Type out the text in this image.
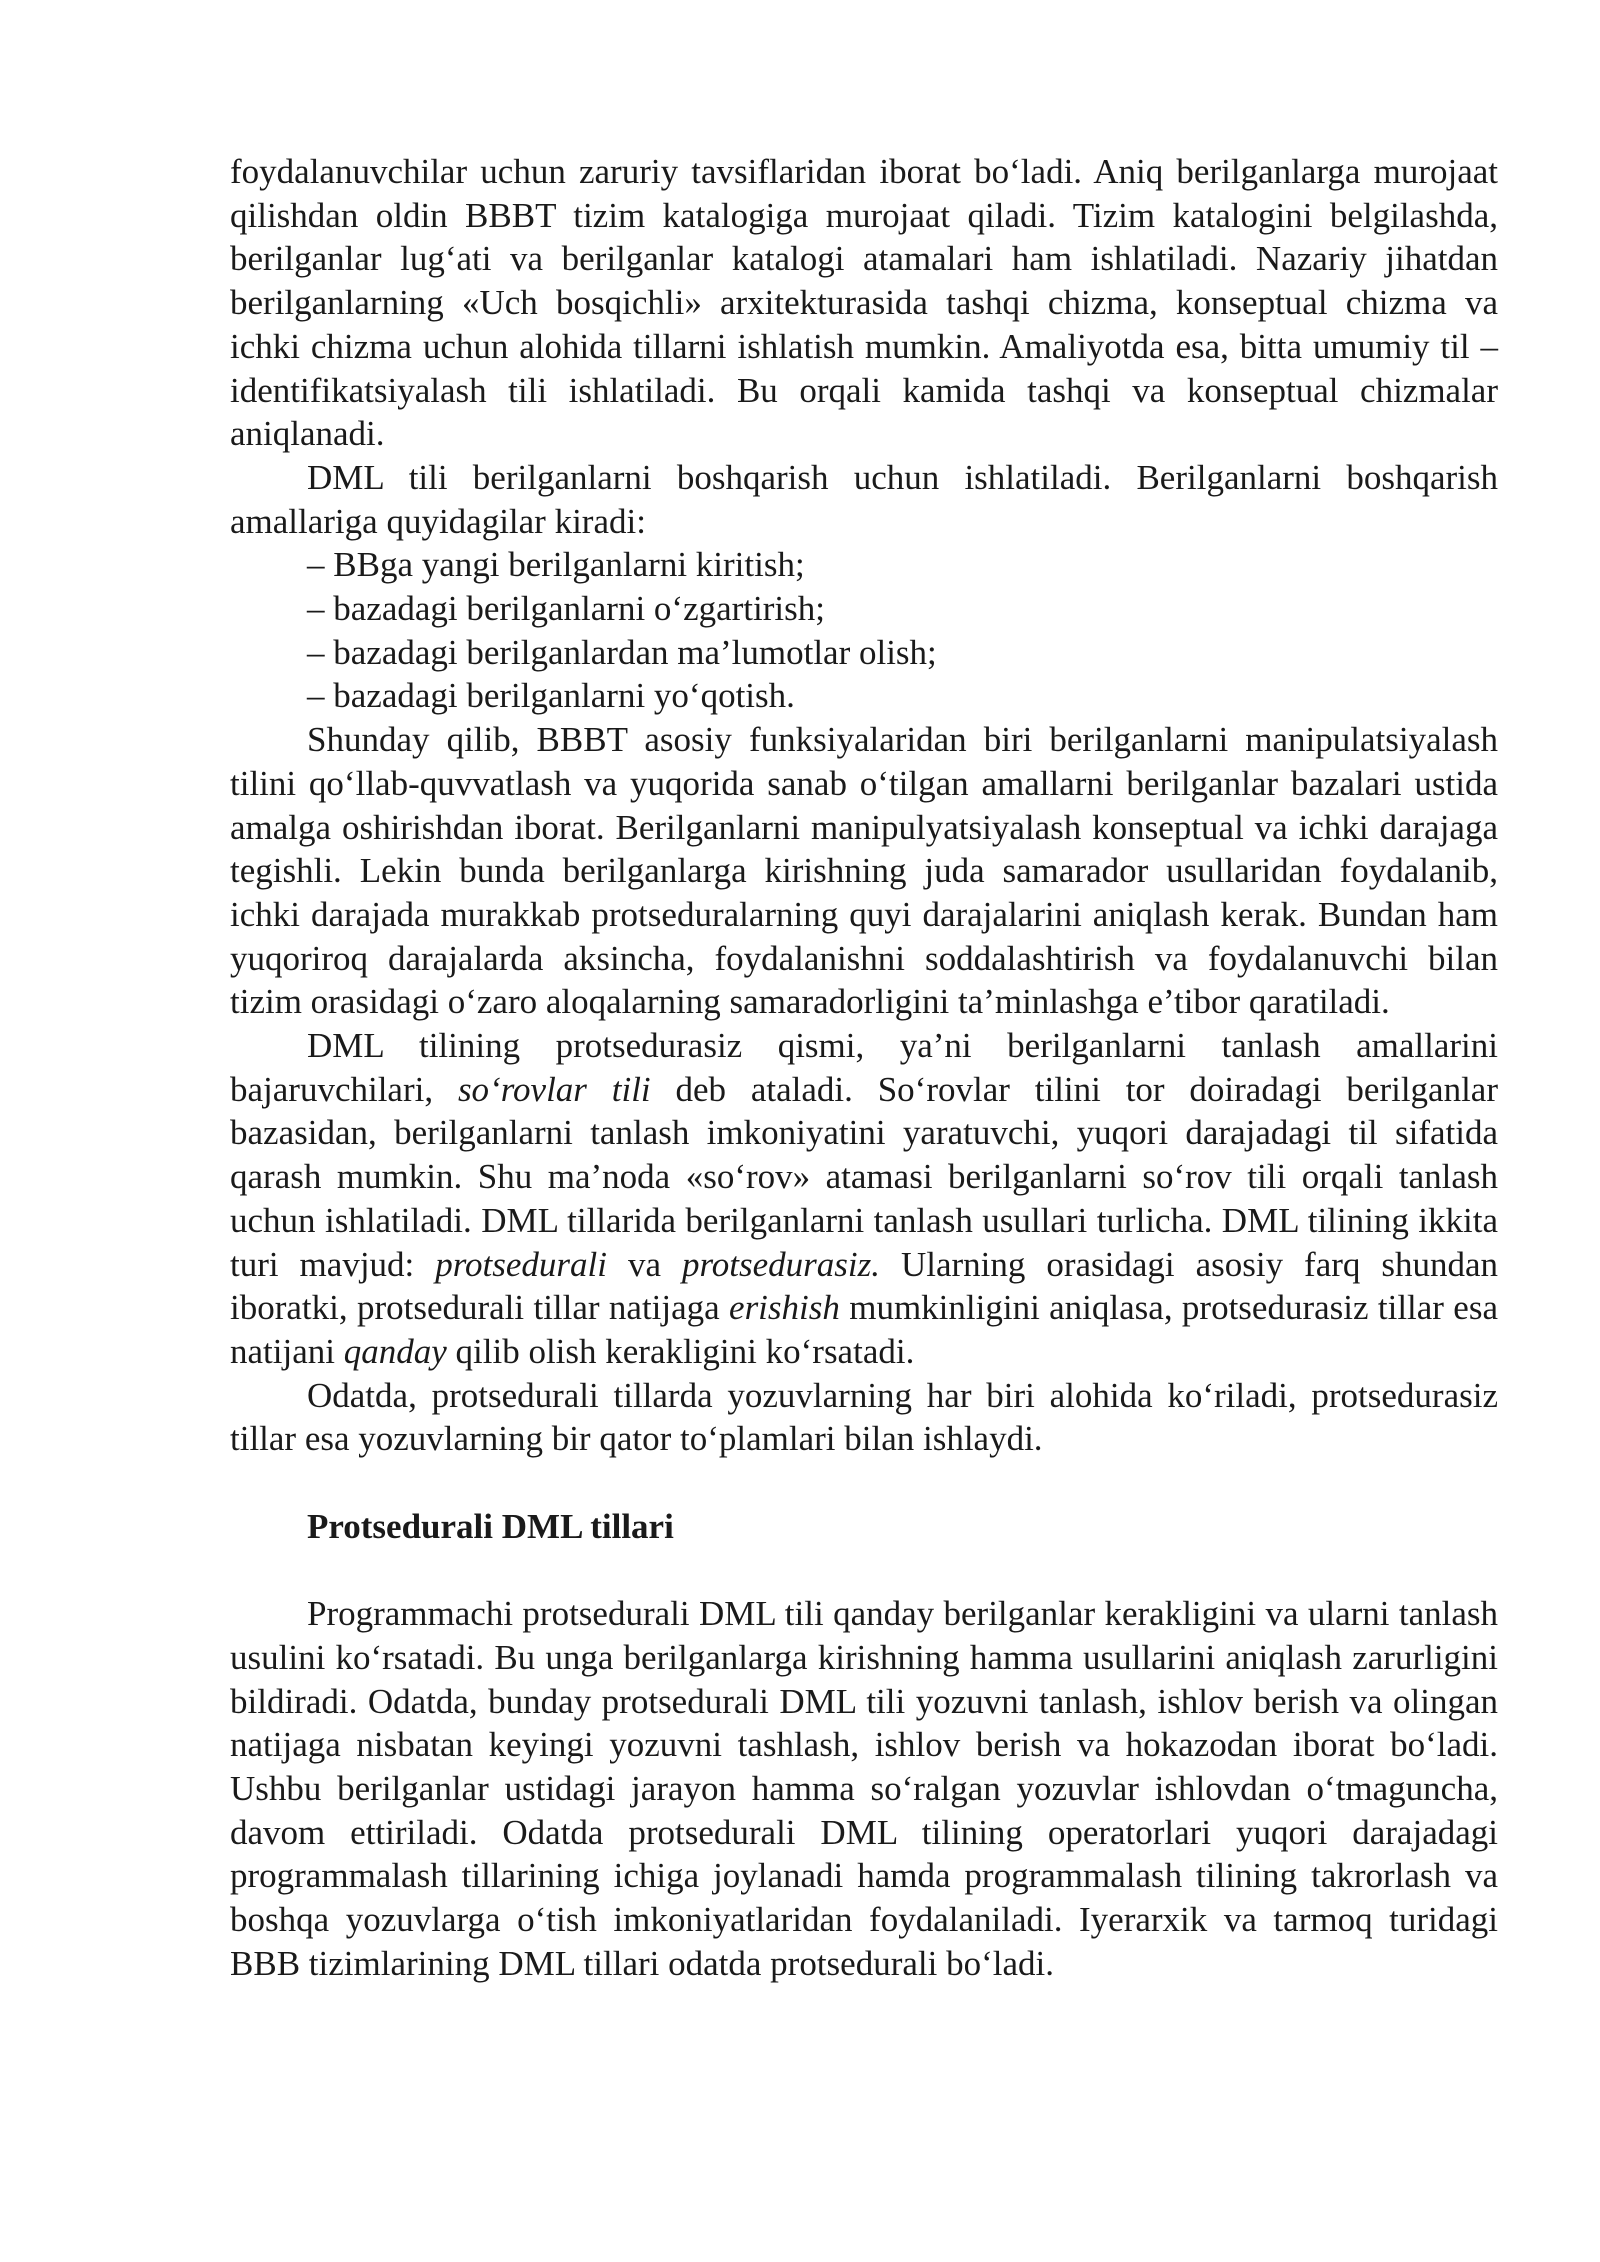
foydalanuvchilar uchun zaruriy tavsiflaridan iborat bo‘ladi. Aniq berilganlarga murojaat qilishdan oldin BBBT tizim katalogiga murojaat qiladi. Tizim katalogini belgilashda, berilganlar lug‘ati va berilganlar katalogi atamalari ham ishlatiladi. Nazariy jihatdan berilganlarning «Uch bosqichli» arxitekturasida tashqi chizma, konseptual chizma va ichki chizma uchun alohida tillarni ishlatish mumkin. Amaliyotda esa, bitta umumiy til – identifikatsiyalash tili ishlatiladi. Bu orqali kamida tashqi va konseptual chizmalar aniqlanadi.

DML tili berilganlarni boshqarish uchun ishlatiladi. Berilganlarni boshqarish amallariga quyidagilar kiradi:

– BBga yangi berilganlarni kiritish;
– bazadagi berilganlarni o‘zgartirish;
– bazadagi berilganlardan ma’lumotlar olish;
– bazadagi berilganlarni yo‘qotish.

Shunday qilib, BBBT asosiy funksiyalaridan biri berilganlarni manipulatsiyalash tilini qo‘llab-quvvatlash va yuqorida sanab o‘tilgan amallarni berilganlar bazalari ustida amalga oshirishdan iborat. Berilganlarni manipulyatsiyalash konseptual va ichki darajaga tegishli. Lekin bunda berilganlarga kirishning juda samarador usullaridan foydalanib, ichki darajada murakkab protseduralarning quyi darajalarini aniqlash kerak. Bundan ham yuqoriroq darajalarda aksincha, foydalanishni soddalashtirish va foydalanuvchi bilan tizim orasidagi o‘zaro aloqalarning samaradorligini ta’minlashga e’tibor qaratiladi.

DML tilining protsedurasiz qismi, ya’ni berilganlarni tanlash amallarini bajaruvchilari, so‘rovlar tili deb ataladi. So‘rovlar tilini tor doiradagi berilganlar bazasidan, berilganlarni tanlash imkoniyatini yaratuvchi, yuqori darajadagi til sifatida qarash mumkin. Shu ma’noda «so‘rov» atamasi berilganlarni so‘rov tili orqali tanlash uchun ishlatiladi. DML tillarida berilganlarni tanlash usullari turlicha. DML tilining ikkita turi mavjud: protsedurali va protsedurasiz. Ularning orasidagi asosiy farq shundan iboratki, protsedurali tillar natijaga erishish mumkinligini aniqlasa, protsedurasiz tillar esa natijani qanday qilib olish kerakligini ko‘rsatadi.

Odatda, protsedurali tillarda yozuvlarning har biri alohida ko‘riladi, protsedurasiz tillar esa yozuvlarning bir qator to‘plamlari bilan ishlaydi.

Protsedurali DML tillari

Programmachi protsedurali DML tili qanday berilganlar kerakligini va ularni tanlash usulini ko‘rsatadi. Bu unga berilganlarga kirishning hamma usullarini aniqlash zarurligini bildiradi. Odatda, bunday protsedurali DML tili yozuvni tanlash, ishlov berish va olingan natijaga nisbatan keyingi yozuvni tashlash, ishlov berish va hokazodan iborat bo‘ladi. Ushbu berilganlar ustidagi jarayon hamma so‘ralgan yozuvlar ishlovdan o‘tmaguncha, davom ettiriladi. Odatda protsedurali DML tilining operatorlari yuqori darajadagi programmalash tillarining ichiga joylanadi hamda programmalash tilining takrorlash va boshqa yozuvlarga o‘tish imkoniyatlaridan foydalaniladi. Iyerarxik va tarmoq turidagi BBB tizimlarining DML tillari odatda protsedurali bo‘ladi.
